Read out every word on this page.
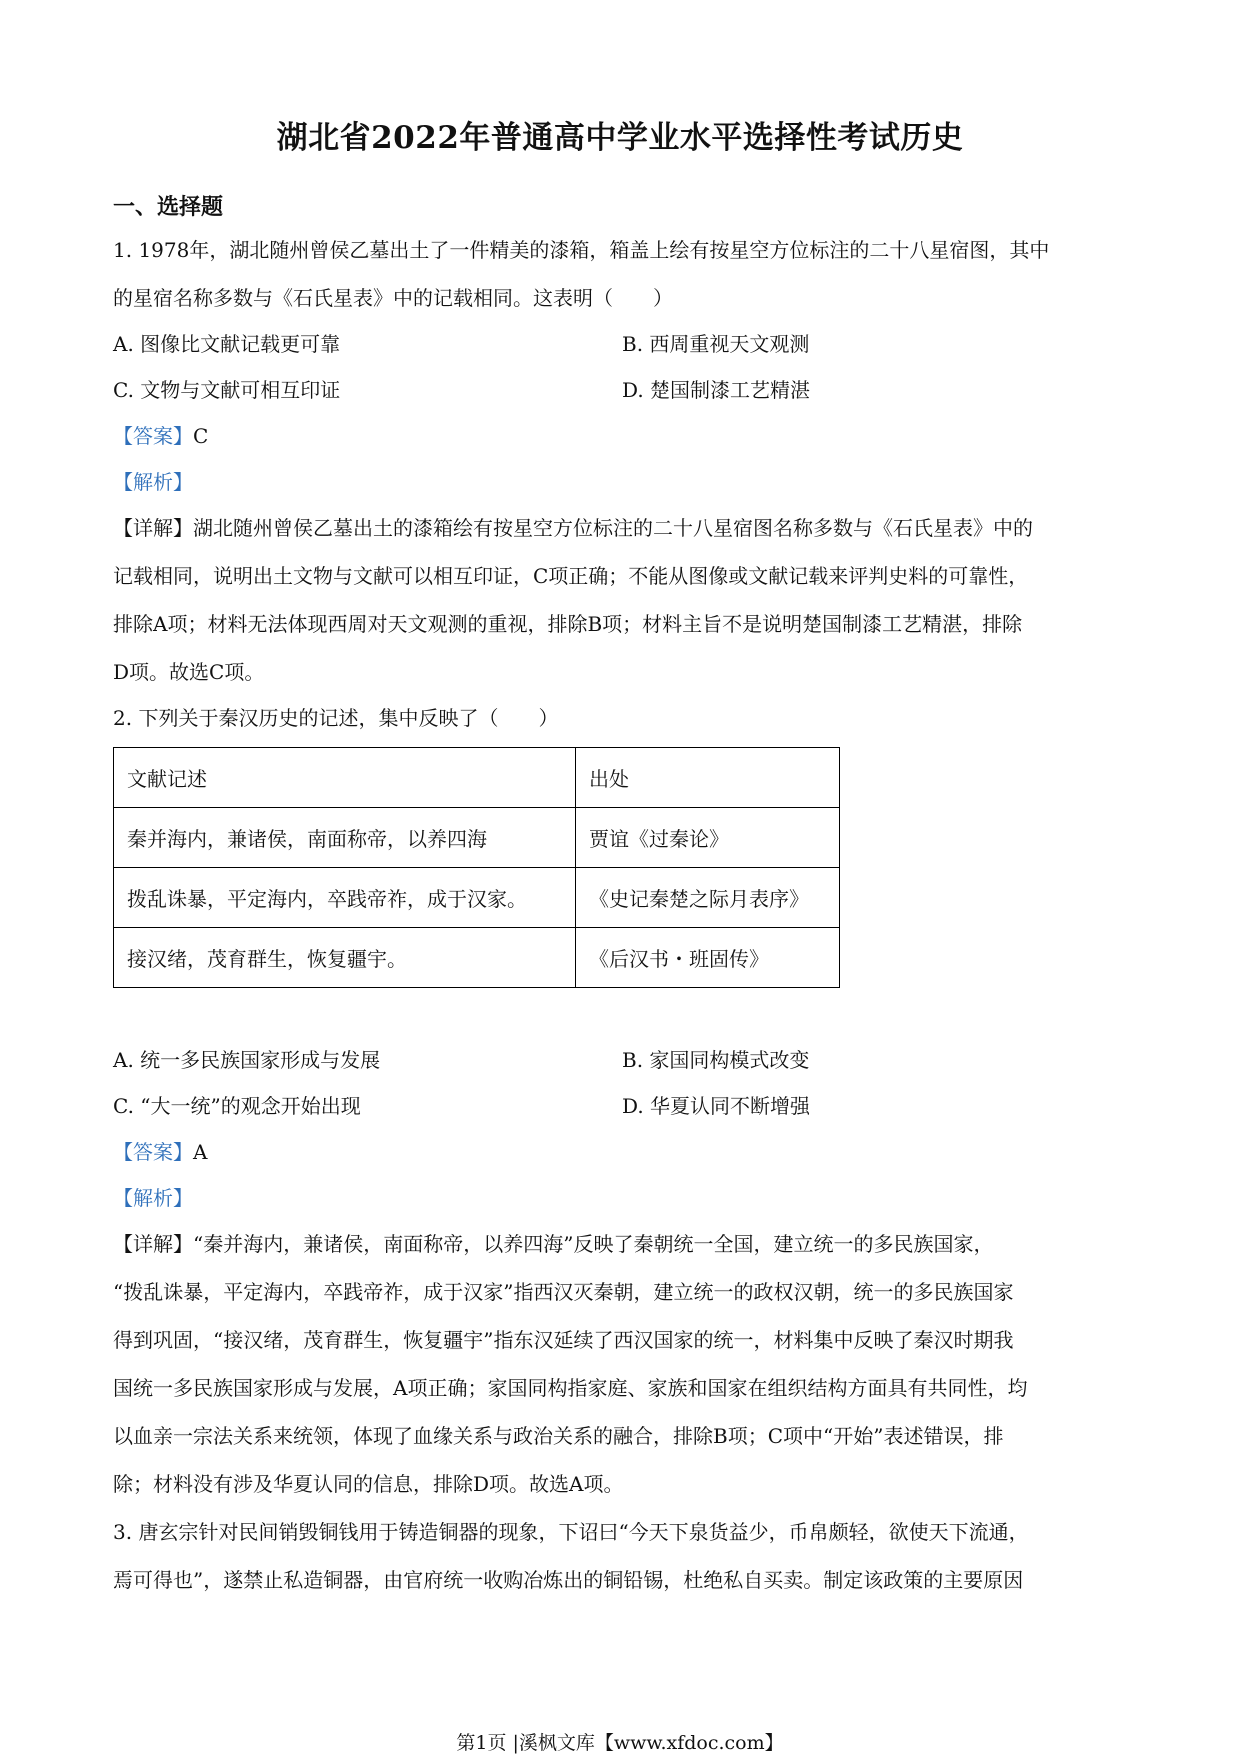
湖北省2022年普通高中学业水平选择性考试历史
一、选择题
1. 1978年，湖北随州曾侯乙墓出土了一件精美的漆箱，箱盖上绘有按星空方位标注的二十八星宿图，其中
的星宿名称多数与《石氏星表》中的记载相同。这表明（　　）
A. 图像比文献记载更可靠	B. 西周重视天文观测
C. 文物与文献可相互印证	D. 楚国制漆工艺精湛
【答案】C
【解析】
【详解】湖北随州曾侯乙墓出土的漆箱绘有按星空方位标注的二十八星宿图名称多数与《石氏星表》中的
记载相同，说明出土文物与文献可以相互印证，C项正确；不能从图像或文献记载来评判史料的可靠性，
排除A项；材料无法体现西周对天文观测的重视，排除B项；材料主旨不是说明楚国制漆工艺精湛，排除
D项。故选C项。
2. 下列关于秦汉历史的记述，集中反映了（　　）
文献记述	出处
秦并海内，兼诸侯，南面称帝，以养四海	贾谊《过秦论》
拨乱诛暴，平定海内，卒践帝祚，成于汉家。	《史记秦楚之际月表序》
接汉绪，茂育群生，恢复疆宇。	《后汉书・班固传》
A. 统一多民族国家形成与发展	B. 家国同构模式改变
C. “大一统”的观念开始出现	D. 华夏认同不断增强
【答案】A
【解析】
【详解】“秦并海内，兼诸侯，南面称帝，以养四海”反映了秦朝统一全国，建立统一的多民族国家，
“拨乱诛暴，平定海内，卒践帝祚，成于汉家”指西汉灭秦朝，建立统一的政权汉朝，统一的多民族国家
得到巩固，“接汉绪，茂育群生，恢复疆宇”指东汉延续了西汉国家的统一，材料集中反映了秦汉时期我
国统一多民族国家形成与发展，A项正确；家国同构指家庭、家族和国家在组织结构方面具有共同性，均
以血亲一宗法关系来统领，体现了血缘关系与政治关系的融合，排除B项；C项中“开始”表述错误，排
除；材料没有涉及华夏认同的信息，排除D项。故选A项。
3. 唐玄宗针对民间销毁铜钱用于铸造铜器的现象，下诏曰“今天下泉货益少，币帛颇轻，欲使天下流通，
焉可得也”，遂禁止私造铜器，由官府统一收购冶炼出的铜铅锡，杜绝私自买卖。制定该政策的主要原因
第1页 |溪枫文库【www.xfdoc.com】
